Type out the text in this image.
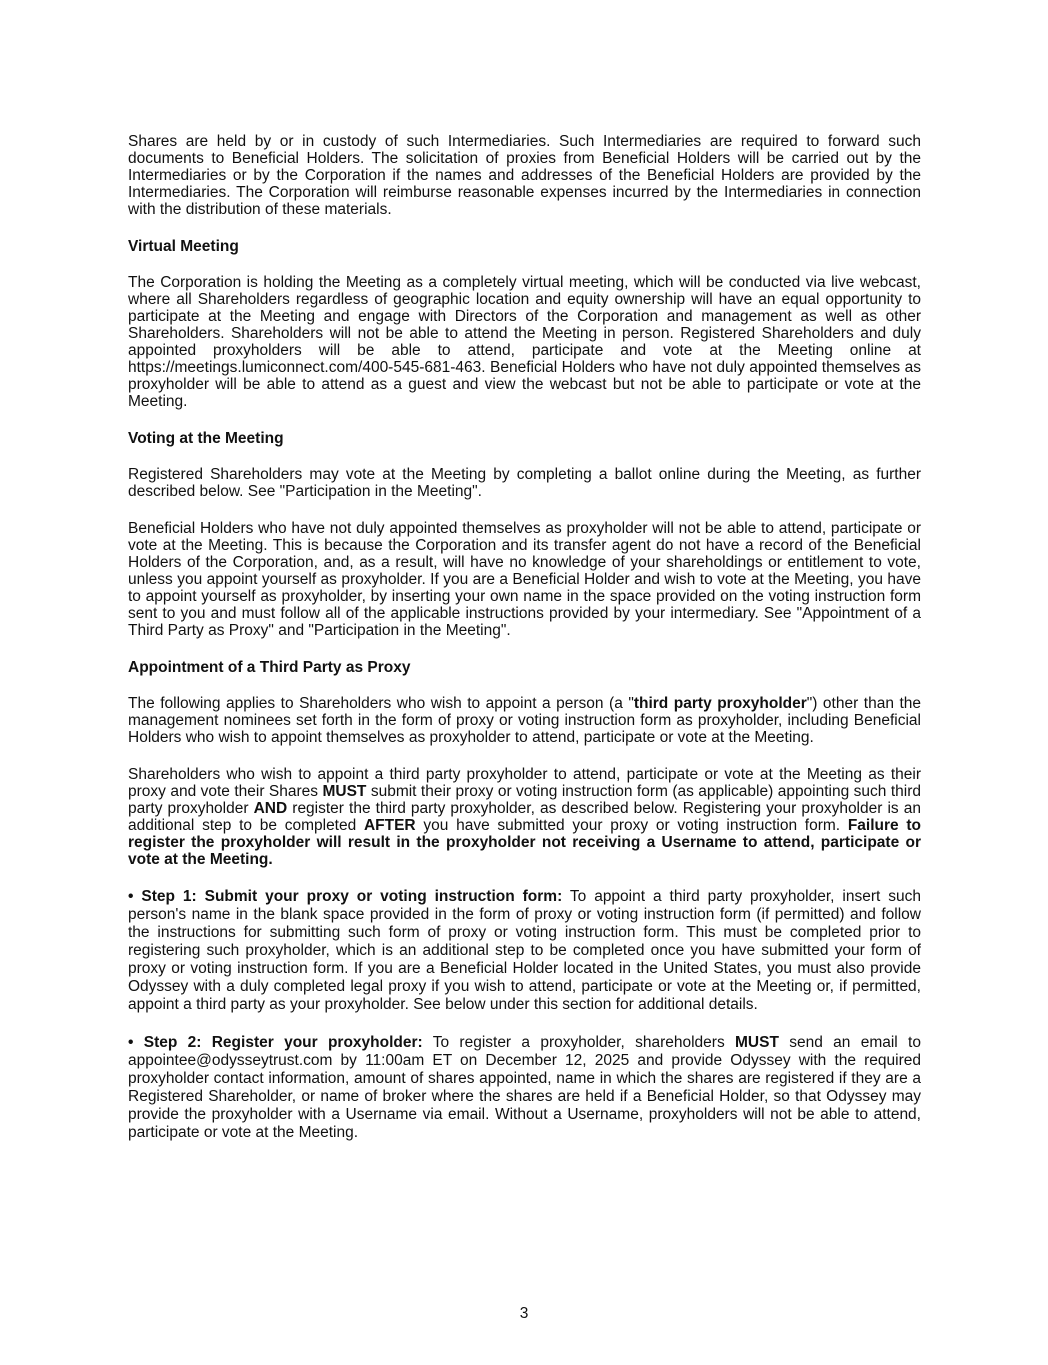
Shares are held by or in custody of such Intermediaries. Such Intermediaries are required to forward such documents to Beneficial Holders. The solicitation of proxies from Beneficial Holders will be carried out by the Intermediaries or by the Corporation if the names and addresses of the Beneficial Holders are provided by the Intermediaries. The Corporation will reimburse reasonable expenses incurred by the Intermediaries in connection with the distribution of these materials.

Virtual Meeting

The Corporation is holding the Meeting as a completely virtual meeting, which will be conducted via live webcast, where all Shareholders regardless of geographic location and equity ownership will have an equal opportunity to participate at the Meeting and engage with Directors of the Corporation and management as well as other Shareholders. Shareholders will not be able to attend the Meeting in person. Registered Shareholders and duly appointed proxyholders will be able to attend, participate and vote at the Meeting online at https://meetings.lumiconnect.com/400-545-681-463. Beneficial Holders who have not duly appointed themselves as proxyholder will be able to attend as a guest and view the webcast but not be able to participate or vote at the Meeting.

Voting at the Meeting

Registered Shareholders may vote at the Meeting by completing a ballot online during the Meeting, as further described below. See "Participation in the Meeting".

Beneficial Holders who have not duly appointed themselves as proxyholder will not be able to attend, participate or vote at the Meeting. This is because the Corporation and its transfer agent do not have a record of the Beneficial Holders of the Corporation, and, as a result, will have no knowledge of your shareholdings or entitlement to vote, unless you appoint yourself as proxyholder. If you are a Beneficial Holder and wish to vote at the Meeting, you have to appoint yourself as proxyholder, by inserting your own name in the space provided on the voting instruction form sent to you and must follow all of the applicable instructions provided by your intermediary. See "Appointment of a Third Party as Proxy" and "Participation in the Meeting".

Appointment of a Third Party as Proxy

The following applies to Shareholders who wish to appoint a person (a "third party proxyholder") other than the management nominees set forth in the form of proxy or voting instruction form as proxyholder, including Beneficial Holders who wish to appoint themselves as proxyholder to attend, participate or vote at the Meeting.

Shareholders who wish to appoint a third party proxyholder to attend, participate or vote at the Meeting as their proxy and vote their Shares MUST submit their proxy or voting instruction form (as applicable) appointing such third party proxyholder AND register the third party proxyholder, as described below. Registering your proxyholder is an additional step to be completed AFTER you have submitted your proxy or voting instruction form. Failure to register the proxyholder will result in the proxyholder not receiving a Username to attend, participate or vote at the Meeting.

• Step 1: Submit your proxy or voting instruction form: To appoint a third party proxyholder, insert such person's name in the blank space provided in the form of proxy or voting instruction form (if permitted) and follow the instructions for submitting such form of proxy or voting instruction form. This must be completed prior to registering such proxyholder, which is an additional step to be completed once you have submitted your form of proxy or voting instruction form. If you are a Beneficial Holder located in the United States, you must also provide Odyssey with a duly completed legal proxy if you wish to attend, participate or vote at the Meeting or, if permitted, appoint a third party as your proxyholder. See below under this section for additional details.

• Step 2: Register your proxyholder: To register a proxyholder, shareholders MUST send an email to appointee@odysseytrust.com by 11:00am ET on December 12, 2025 and provide Odyssey with the required proxyholder contact information, amount of shares appointed, name in which the shares are registered if they are a Registered Shareholder, or name of broker where the shares are held if a Beneficial Holder, so that Odyssey may provide the proxyholder with a Username via email. Without a Username, proxyholders will not be able to attend, participate or vote at the Meeting.

3
